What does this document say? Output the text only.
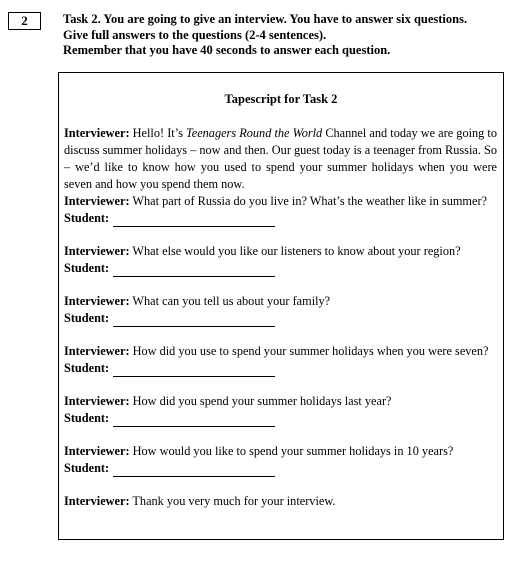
2	Task 2. You are going to give an interview. You have to answer six questions.
Give full answers to the questions (2-4 sentences).
Remember that you have 40 seconds to answer each question.
Tapescript for Task 2
Interviewer: Hello! It’s Teenagers Round the World Channel and today we are going to discuss summer holidays – now and then. Our guest today is a teenager from Russia. So – we’d like to know how you used to spend your summer holidays when you were seven and how you spend them now.
Interviewer: What part of Russia do you live in? What’s the weather like in summer?
Student:
Interviewer: What else would you like our listeners to know about your region?
Student:
Interviewer: What can you tell us about your family?
Student:
Interviewer: How did you use to spend your summer holidays when you were seven?
Student:
Interviewer: How did you spend your summer holidays last year?
Student:
Interviewer: How would you like to spend your summer holidays in 10 years?
Student:
Interviewer: Thank you very much for your interview.
